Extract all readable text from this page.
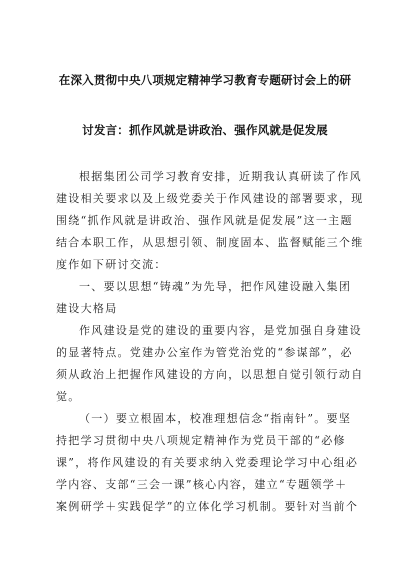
在深入贯彻中央八项规定精神学习教育专题研讨会上的研
讨发言：抓作风就是讲政治、强作风就是促发展
根据集团公司学习教育安排，近期我认真研读了作风
建设相关要求以及上级党委关于作风建设的部署要求，现
围绕“抓作风就是讲政治、强作风就是促发展”这一主题
结合本职工作，从思想引领、制度固本、监督赋能三个维
度作如下研讨交流：
一、要以思想“铸魂”为先导，把作风建设融入集团
建设大格局
作风建设是党的建设的重要内容，是党加强自身建设
的显著特点。党建办公室作为管党治党的“参谋部”，必
须从政治上把握作风建设的方向，以思想自觉引领行动自
觉。
（一）要立根固本，校准理想信念“指南针”。要坚
持把学习贯彻中央八项规定精神作为党员干部的“必修
课”，将作风建设的有关要求纳入党委理论学习中心组必
学内容、支部“三会一课”核心内容，建立“专题领学＋
案例研学＋实践促学”的立体化学习机制。要针对当前个
